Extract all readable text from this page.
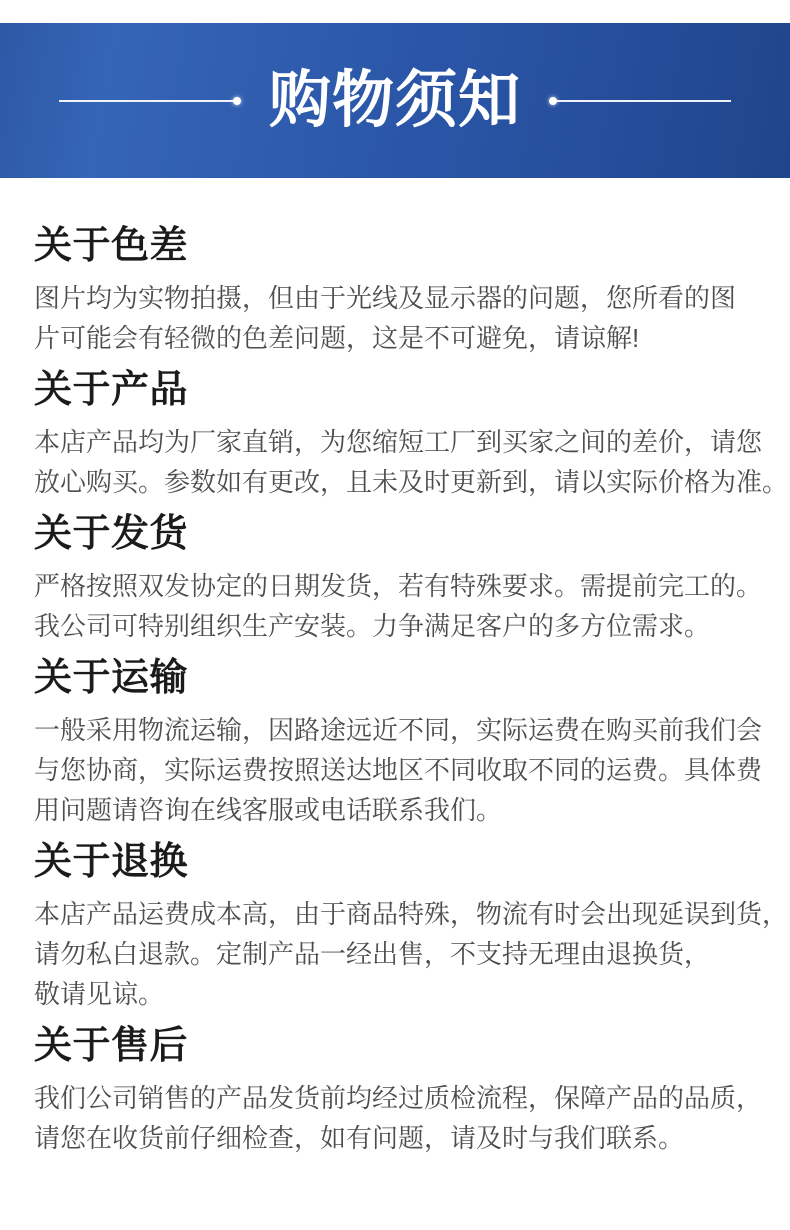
购物须知
关于色差

图片均为实物拍摄，但由于光线及显示器的问题，您所看的图
片可能会有轻微的色差问题，这是不可避免，请谅解!

关于产品

本店产品均为厂家直销，为您缩短工厂到买家之间的差价，请您
放心购买。参数如有更改，且未及时更新到，请以实际价格为准。

关于发货

严格按照双发协定的日期发货，若有特殊要求。需提前完工的。
我公司可特别组织生产安装。力争满足客户的多方位需求。

关于运输

一般采用物流运输，因路途远近不同，实际运费在购买前我们会
与您协商，实际运费按照送达地区不同收取不同的运费。具体费
用问题请咨询在线客服或电话联系我们。

关于退换

本店产品运费成本高，由于商品特殊，物流有时会出现延误到货，
请勿私白退款。定制产品一经出售，不支持无理由退换货，
敬请见谅。

关于售后

我们公司销售的产品发货前均经过质检流程，保障产品的品质，
请您在收货前仔细检查，如有问题，请及时与我们联系。
